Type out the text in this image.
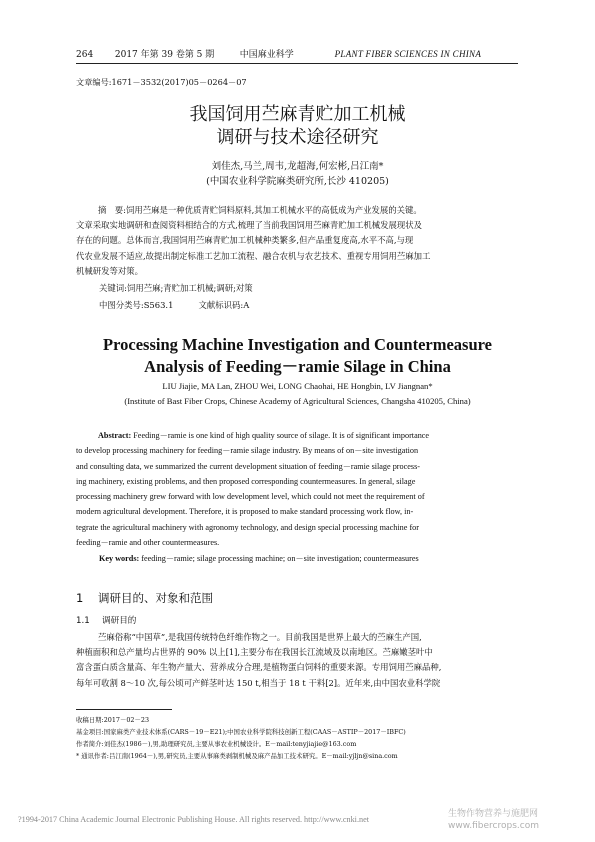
264 2017 年第 39 卷第 5 期	中国麻业科学	PLANT FIBER SCIENCES IN CHINA
文章编号:1671－3532(2017)05－0264－07
我国饲用苎麻青贮加工机械
调研与技术途径研究
刘佳杰,马兰,周韦,龙超海,何宏彬,吕江南*
(中国农业科学院麻类研究所,长沙 410205)
摘　要:饲用苎麻是一种优质青贮饲料原料,其加工机械水平的高低成为产业发展的关键。
文章采取实地调研和查阅资料相结合的方式,梳理了当前我国饲用苎麻青贮加工机械发展现状及
存在的问题。总体而言,我国饲用苎麻青贮加工机械种类繁多,但产品重复度高,水平不高,与现
代农业发展不适应,故提出制定标准工艺加工流程、融合农机与农艺技术、重视专用饲用苎麻加工
机械研发等对策。
关键词:饲用苎麻;青贮加工机械;调研;对策
中图分类号:S563.1　　　文献标识码:A
Processing Machine Investigation and Countermeasure
Analysis of Feeding－ramie Silage in China
LIU Jiajie, MA Lan, ZHOU Wei, LONG Chaohai, HE Hongbin, LV Jiangnan*
(Institute of Bast Fiber Crops, Chinese Academy of Agricultural Sciences, Changsha 410205, China)
Abstract: Feeding－ramie is one kind of high quality source of silage. It is of significant importance
to develop processing machinery for feeding－ramie silage industry. By means of on－site investigation
and consulting data, we summarized the current development situation of feeding－ramie silage process-
ing machinery, existing problems, and then proposed corresponding countermeasures. In general, silage
processing machinery grew forward with low development level, which could not meet the requirement of
modern agricultural development. Therefore, it is proposed to make standard processing work flow, in-
tegrate the agricultural machinery with agronomy technology, and design special processing machine for
feeding－ramie and other countermeasures.
Key words: feeding－ramie; silage processing machine; on－site investigation; countermeasures
1 调研目的、对象和范围
1.1 调研目的
苎麻俗称“中国草”,是我国传统特色纤维作物之一。目前我国是世界上最大的苎麻生产国,
种植面积和总产量均占世界的 90% 以上[1],主要分布在我国长江流域及以南地区。苎麻嫩茎叶中
富含蛋白质含量高、年生物产量大、营养成分合理,是植物蛋白饲料的重要来源。专用饲用苎麻品种,
每年可收割 8～10 次,每公顷可产鲜茎叶达 150 t,相当于 18 t 干料[2]。近年来,由中国农业科学院
收稿日期:2017－02－23
基金项目:国家麻类产业技术体系(CARS－19－E21);中国农业科学院科技创新工程(CAAS－ASTIP－2017－IBFC)
作者简介:刘佳杰(1986－),男,助理研究员,主要从事农业机械设计。E－mail:tenyjiajie@163.com
* 通讯作者:吕江南(1964－),男,研究员,主要从事麻类剥制机械及麻产品加工技术研究。E－mail:yjljn@sina.com
?1994-2017 China Academic Journal Electronic Publishing House. All rights reserved. http://www.cnki.net
生物作物营养与施肥网
www.fibercrops.com
